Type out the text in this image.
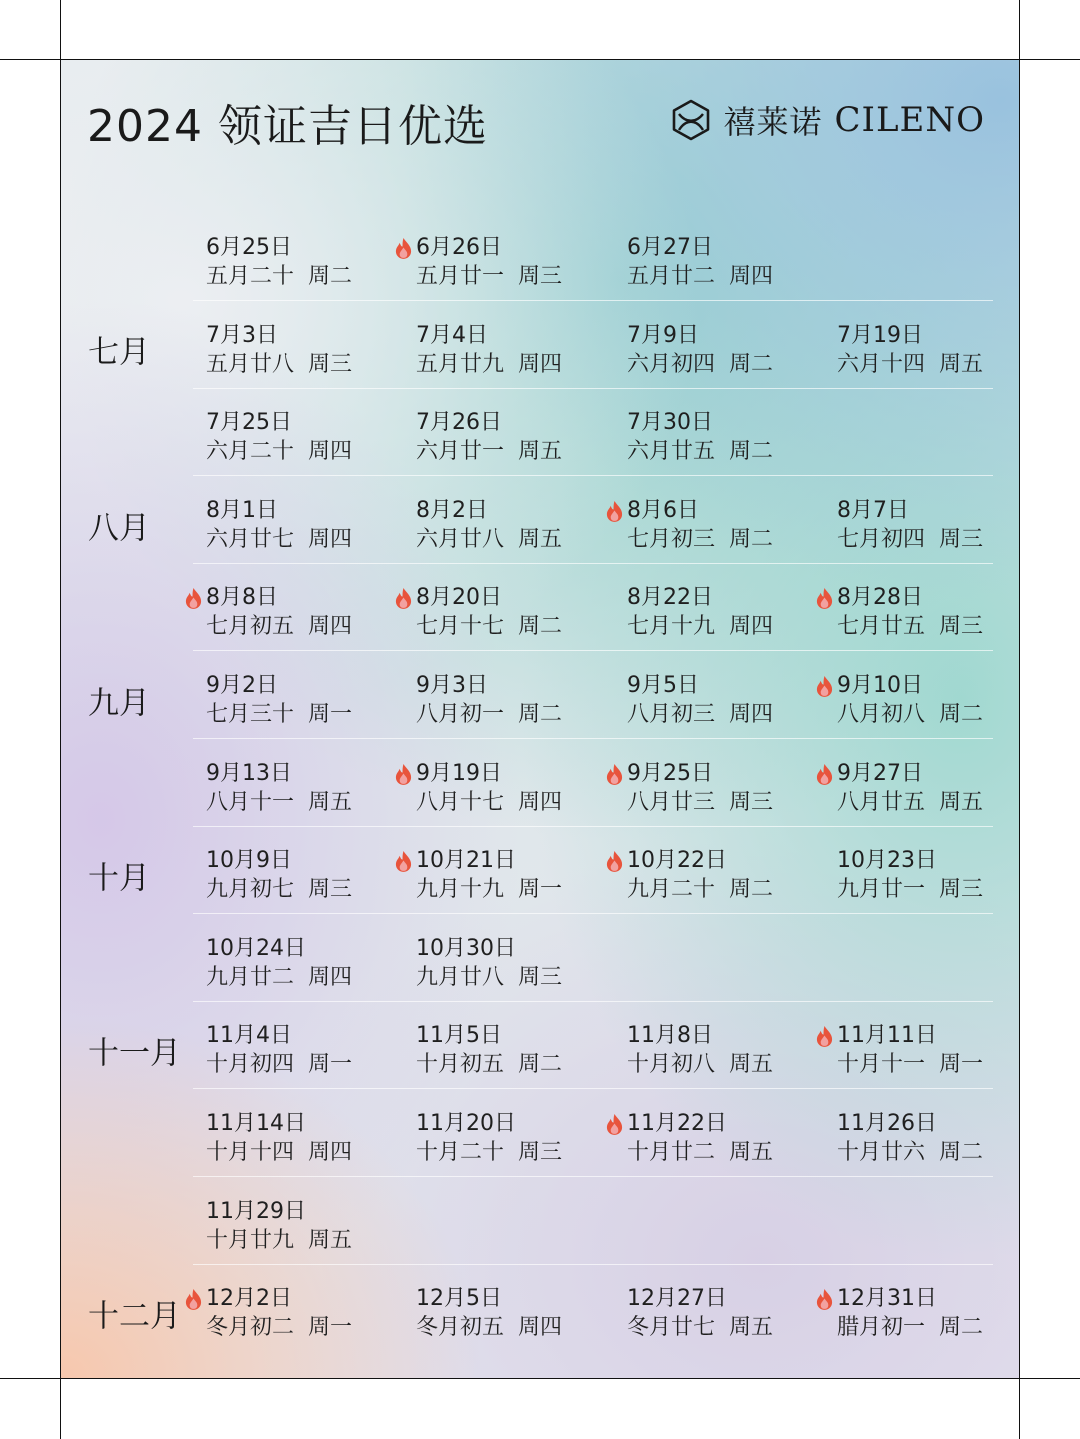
2024 领证吉日优选	禧莱诺 CILENO
6月25日
五月二十  周二
6月26日
五月廿一  周三
6月27日
五月廿二  周四
7月3日
五月廿八  周三
7月4日
五月廿九  周四
7月9日
六月初四  周二
7月19日
六月十四  周五
7月25日
六月二十  周四
7月26日
六月廿一  周五
7月30日
六月廿五  周二
8月1日
六月廿七  周四
8月2日
六月廿八  周五
8月6日
七月初三  周二
8月7日
七月初四  周三
8月8日
七月初五  周四
8月20日
七月十七  周二
8月22日
七月十九  周四
8月28日
七月廿五  周三
9月2日
七月三十  周一
9月3日
八月初一  周二
9月5日
八月初三  周四
9月10日
八月初八  周二
9月13日
八月十一  周五
9月19日
八月十七  周四
9月25日
八月廿三  周三
9月27日
八月廿五  周五
10月9日
九月初七  周三
10月21日
九月十九  周一
10月22日
九月二十  周二
10月23日
九月廿一  周三
10月24日
九月廿二  周四
10月30日
九月廿八  周三
11月4日
十月初四  周一
11月5日
十月初五  周二
11月8日
十月初八  周五
11月11日
十月十一  周一
11月14日
十月十四  周四
11月20日
十月二十  周三
11月22日
十月廿二  周五
11月26日
十月廿六  周二
11月29日
十月廿九  周五
12月2日
冬月初二  周一
12月5日
冬月初五  周四
12月27日
冬月廿七  周五
12月31日
腊月初一  周二
七月
八月
九月
十月
十一月
十二月
